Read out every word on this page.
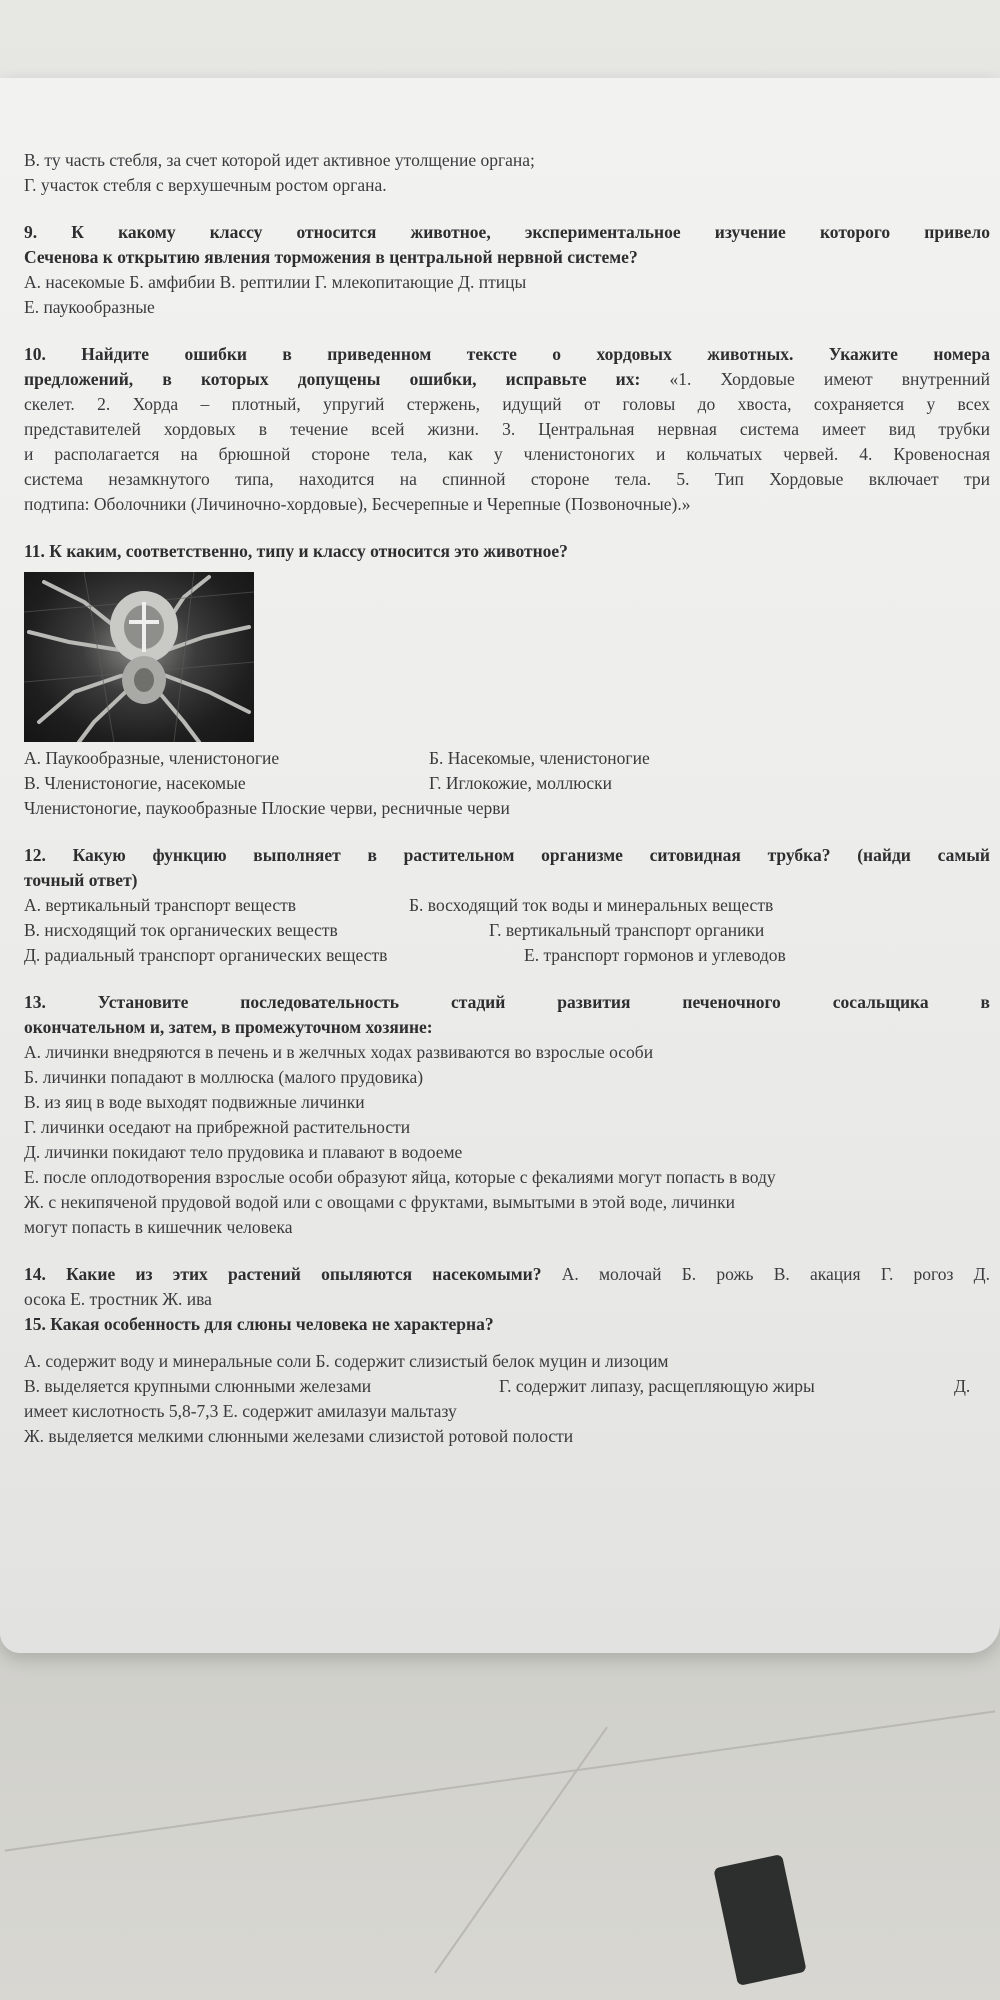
В. ту часть стебля, за счет которой идет активное утолщение органа;
Г. участок стебля с верхушечным ростом органа.
9. К какому классу относится животное, экспериментальное изучение которого привело
Сеченова к открытию явления торможения в центральной нервной системе?
А. насекомые Б. амфибии В. рептилии Г. млекопитающие Д. птицы
Е. паукообразные
10. Найдите ошибки в приведенном тексте о хордовых животных. Укажите номера
предложений, в которых допущены ошибки, исправьте их: «1. Хордовые имеют внутренний
скелет. 2. Хорда – плотный, упругий стержень, идущий от головы до хвоста, сохраняется у всех
представителей хордовых в течение всей жизни. 3. Центральная нервная система имеет вид трубки
и располагается на брюшной стороне тела, как у членистоногих и кольчатых червей. 4. Кровеносная
система незамкнутого типа, находится на спинной стороне тела. 5. Тип Хордовые включает три
подтипа: Оболочники (Личиночно-хордовые), Бесчерепные и Черепные (Позвоночные).»
11. К каким, соответственно, типу и классу относится это животное?
А. Паукообразные, членистоногие	Б. Насекомые, членистоногие
В. Членистоногие, насекомые	Г. Иглокожие, моллюски
Членистоногие, паукообразные Плоские черви, ресничные черви
12. Какую функцию выполняет в растительном организме ситовидная трубка? (найди самый
точный ответ)
А. вертикальный транспорт веществ	Б. восходящий ток воды и минеральных веществ
В. нисходящий ток органических веществ	Г. вертикальный транспорт органики
Д. радиальный транспорт органических веществ	Е. транспорт гормонов и углеводов
13. Установите последовательность стадий развития печеночного сосальщика в
окончательном и, затем, в промежуточном хозяине:
А. личинки внедряются в печень и в желчных ходах развиваются во взрослые особи
Б. личинки попадают в моллюска (малого прудовика)
В. из яиц в воде выходят подвижные личинки
Г. личинки оседают на прибрежной растительности
Д. личинки покидают тело прудовика и плавают в водоеме
Е. после оплодотворения взрослые особи образуют яйца, которые с фекалиями могут попасть в воду
Ж. с некипяченой прудовой водой или с овощами с фруктами, вымытыми в этой воде, личинки
могут попасть в кишечник человека
14. Какие из этих растений опыляются насекомыми? А. молочай Б. рожь В. акация Г. рогоз Д.
осока Е. тростник Ж. ива
15. Какая особенность для слюны человека не характерна?
А. содержит воду и минеральные соли Б. содержит слизистый белок муцин и лизоцим
В. выделяется крупными слюнными железами	Г. содержит липазу, расщепляющую жиры	Д.
имеет кислотность 5,8-7,3 Е. содержит амилазуи мальтазу
Ж. выделяется мелкими слюнными железами слизистой ротовой полости
